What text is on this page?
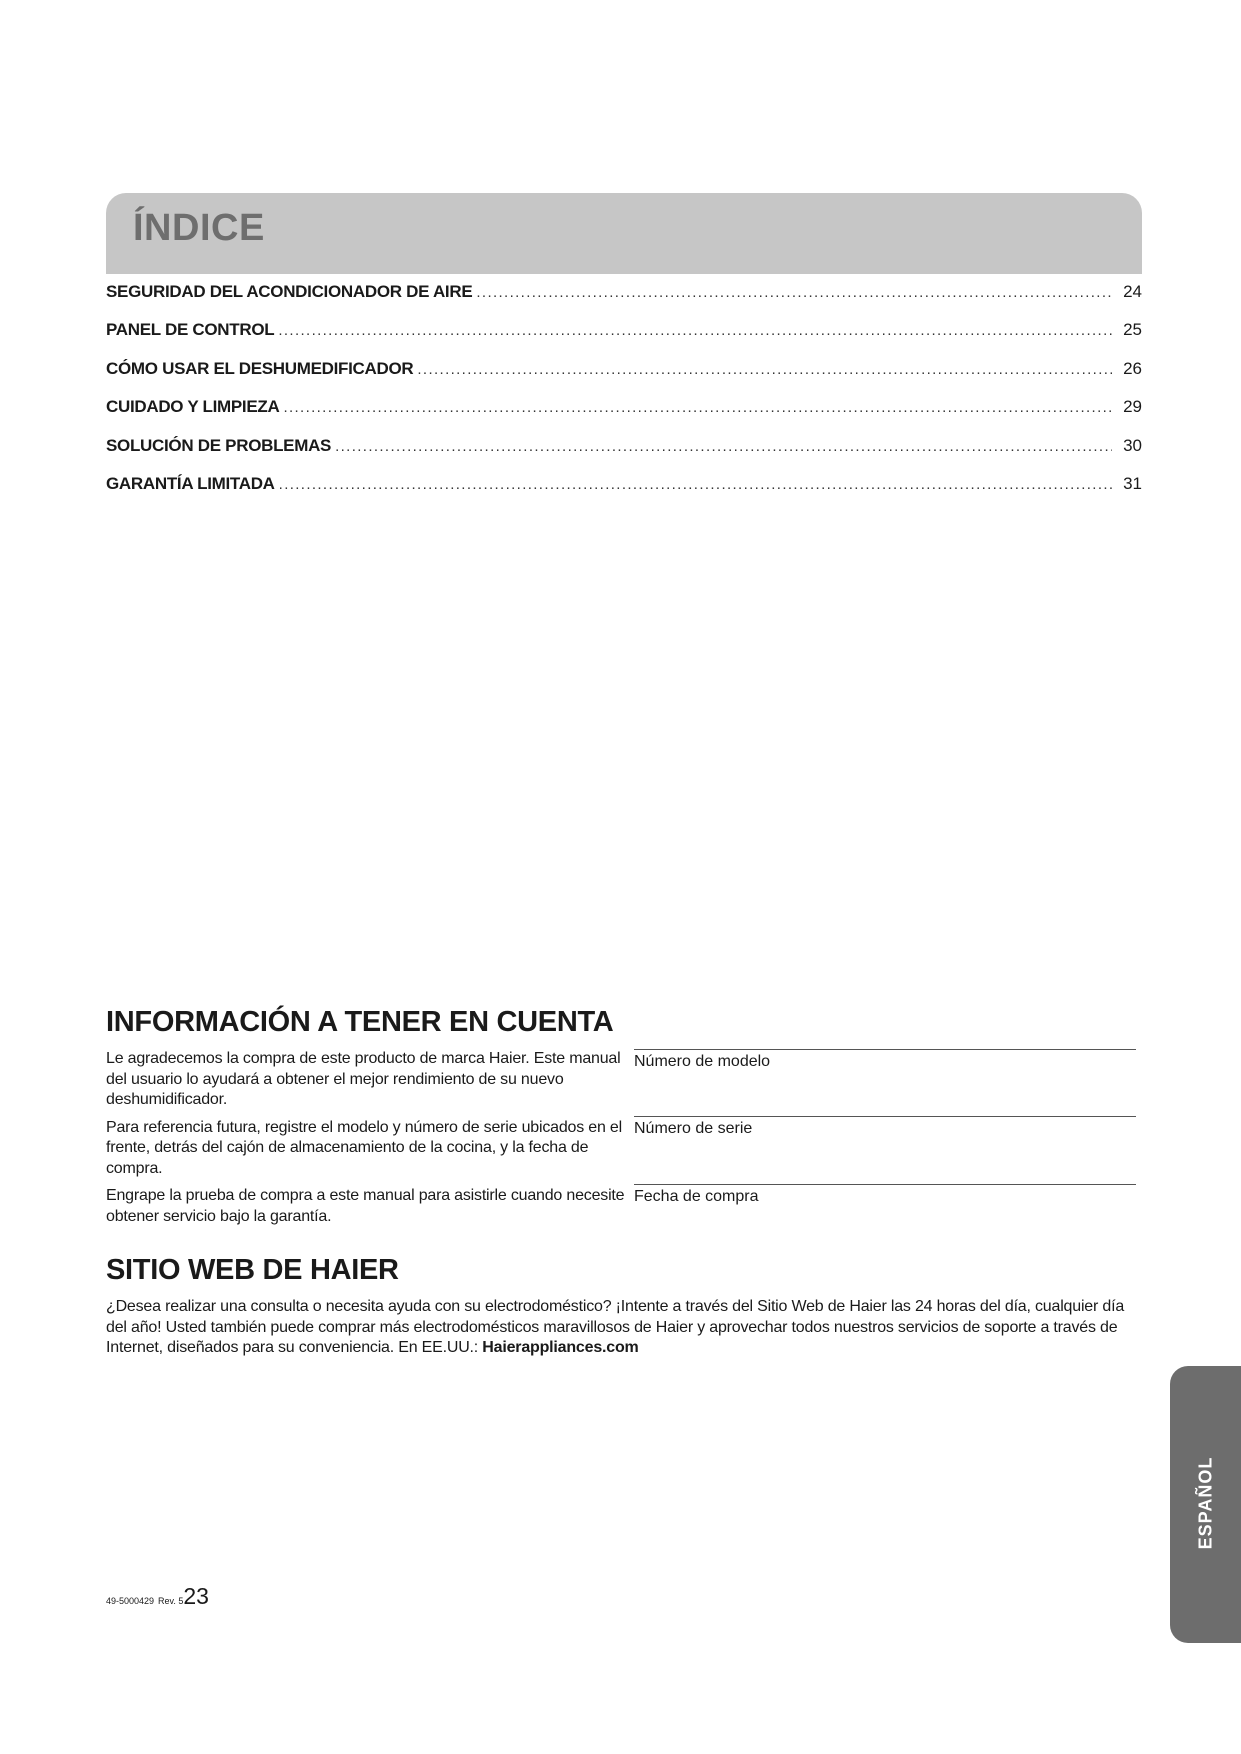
ÍNDICE
SEGURIDAD DEL ACONDICIONADOR DE AIRE . . .	24
PANEL DE CONTROL . . .	25
CÓMO USAR EL DESHUMEDIFICADOR . . .	26
CUIDADO Y LIMPIEZA . . .	29
SOLUCIÓN DE PROBLEMAS . . .	30
GARANTÍA LIMITADA . . .	31
INFORMACIÓN A TENER EN CUENTA

Le agradecemos la compra de este producto de marca Haier. Este manual del usuario lo ayudará a obtener el mejor rendimiento de su nuevo deshumidificador.

Para referencia futura, registre el modelo y número de serie ubicados en el frente, detrás del cajón de almacenamiento de la cocina, y la fecha de compra.

Engrape la prueba de compra a este manual para asistirle cuando necesite obtener servicio bajo la garantía.

Número de modelo
Número de serie
Fecha de compra
SITIO WEB DE HAIER

¿Desea realizar una consulta o necesita ayuda con su electrodoméstico? ¡Intente a través del Sitio Web de Haier las 24 horas del día, cualquier día del año! Usted también puede comprar más electrodomésticos maravillosos de Haier y aprovechar todos nuestros servicios de soporte a través de Internet, diseñados para su conveniencia. En EE.UU.: Haierappliances.com

ESPAÑOL
49-5000429 Rev. 5 23
